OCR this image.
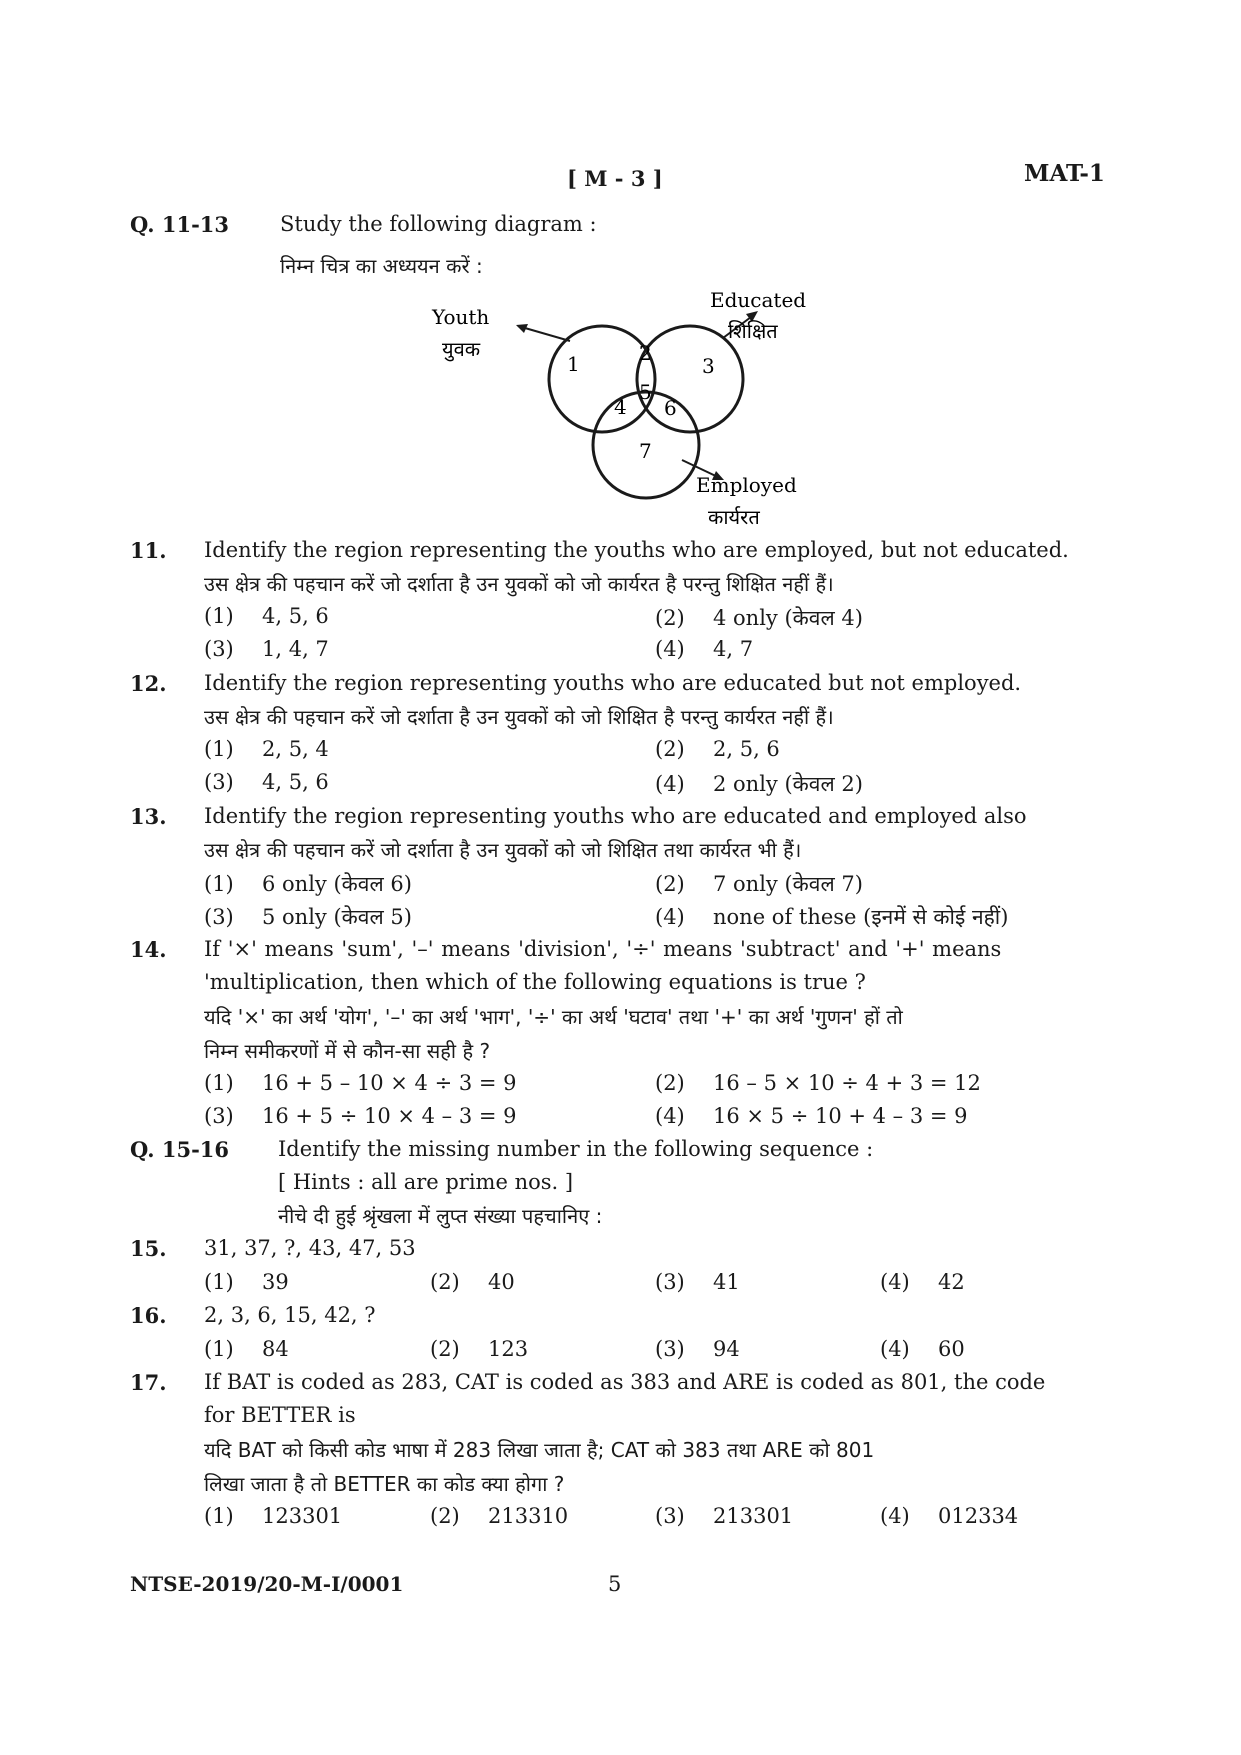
[ M - 3 ]	MAT-1
Q. 11-13 Study the following diagram :
निम्न चित्र का अध्ययन करें :
Youth
युवक
Educated
शिक्षित
Employed
कार्यरत
1	2
3
4
5
6
7
11. Identify the region representing the youths who are employed, but not educated.
उस क्षेत्र की पहचान करें जो दर्शाता है उन युवकों को जो कार्यरत है परन्तु शिक्षित नहीं हैं।
(1) 4, 5, 6	(2) 4 only (केवल 4)
(3) 1, 4, 7	(4) 4, 7
12. Identify the region representing youths who are educated but not employed.
उस क्षेत्र की पहचान करें जो दर्शाता है उन युवकों को जो शिक्षित है परन्तु कार्यरत नहीं हैं।
(1) 2, 5, 4	(2) 2, 5, 6
(3) 4, 5, 6	(4) 2 only (केवल 2)
13. Identify the region representing youths who are educated and employed also
उस क्षेत्र की पहचान करें जो दर्शाता है उन युवकों को जो शिक्षित तथा कार्यरत भी हैं।
(1) 6 only (केवल 6)	(2) 7 only (केवल 7)
(3) 5 only (केवल 5)	(4) none of these (इनमें से कोई नहीं)
14. If '×' means 'sum', '–' means 'division', '÷' means 'subtract' and '+' means
'multiplication, then which of the following equations is true ?
यदि '×' का अर्थ 'योग', '–' का अर्थ 'भाग', '÷' का अर्थ 'घटाव' तथा '+' का अर्थ 'गुणन' हों तो
निम्न समीकरणों में से कौन-सा सही है ?
(1) 16 + 5 – 10 × 4 ÷ 3 = 9	(2) 16 – 5 × 10 ÷ 4 + 3 = 12
(3) 16 + 5 ÷ 10 × 4 – 3 = 9	(4) 16 × 5 ÷ 10 + 4 – 3 = 9
Q. 15-16 Identify the missing number in the following sequence :
[ Hints : all are prime nos. ]
नीचे दी हुई श्रृंखला में लुप्त संख्या पहचानिए :
15. 31, 37, ?, 43, 47, 53
(1) 39	(2) 40	(3) 41	(4) 42
16. 2, 3, 6, 15, 42, ?
(1) 84	(2) 123	(3) 94	(4) 60
17. If BAT is coded as 283, CAT is coded as 383 and ARE is coded as 801, the code
for BETTER is
यदि BAT को किसी कोड भाषा में 283 लिखा जाता है; CAT को 383 तथा ARE को 801
लिखा जाता है तो BETTER का कोड क्या होगा ?
(1) 123301	(2) 213310	(3) 213301	(4) 012334
NTSE-2019/20-M-I/0001	5
